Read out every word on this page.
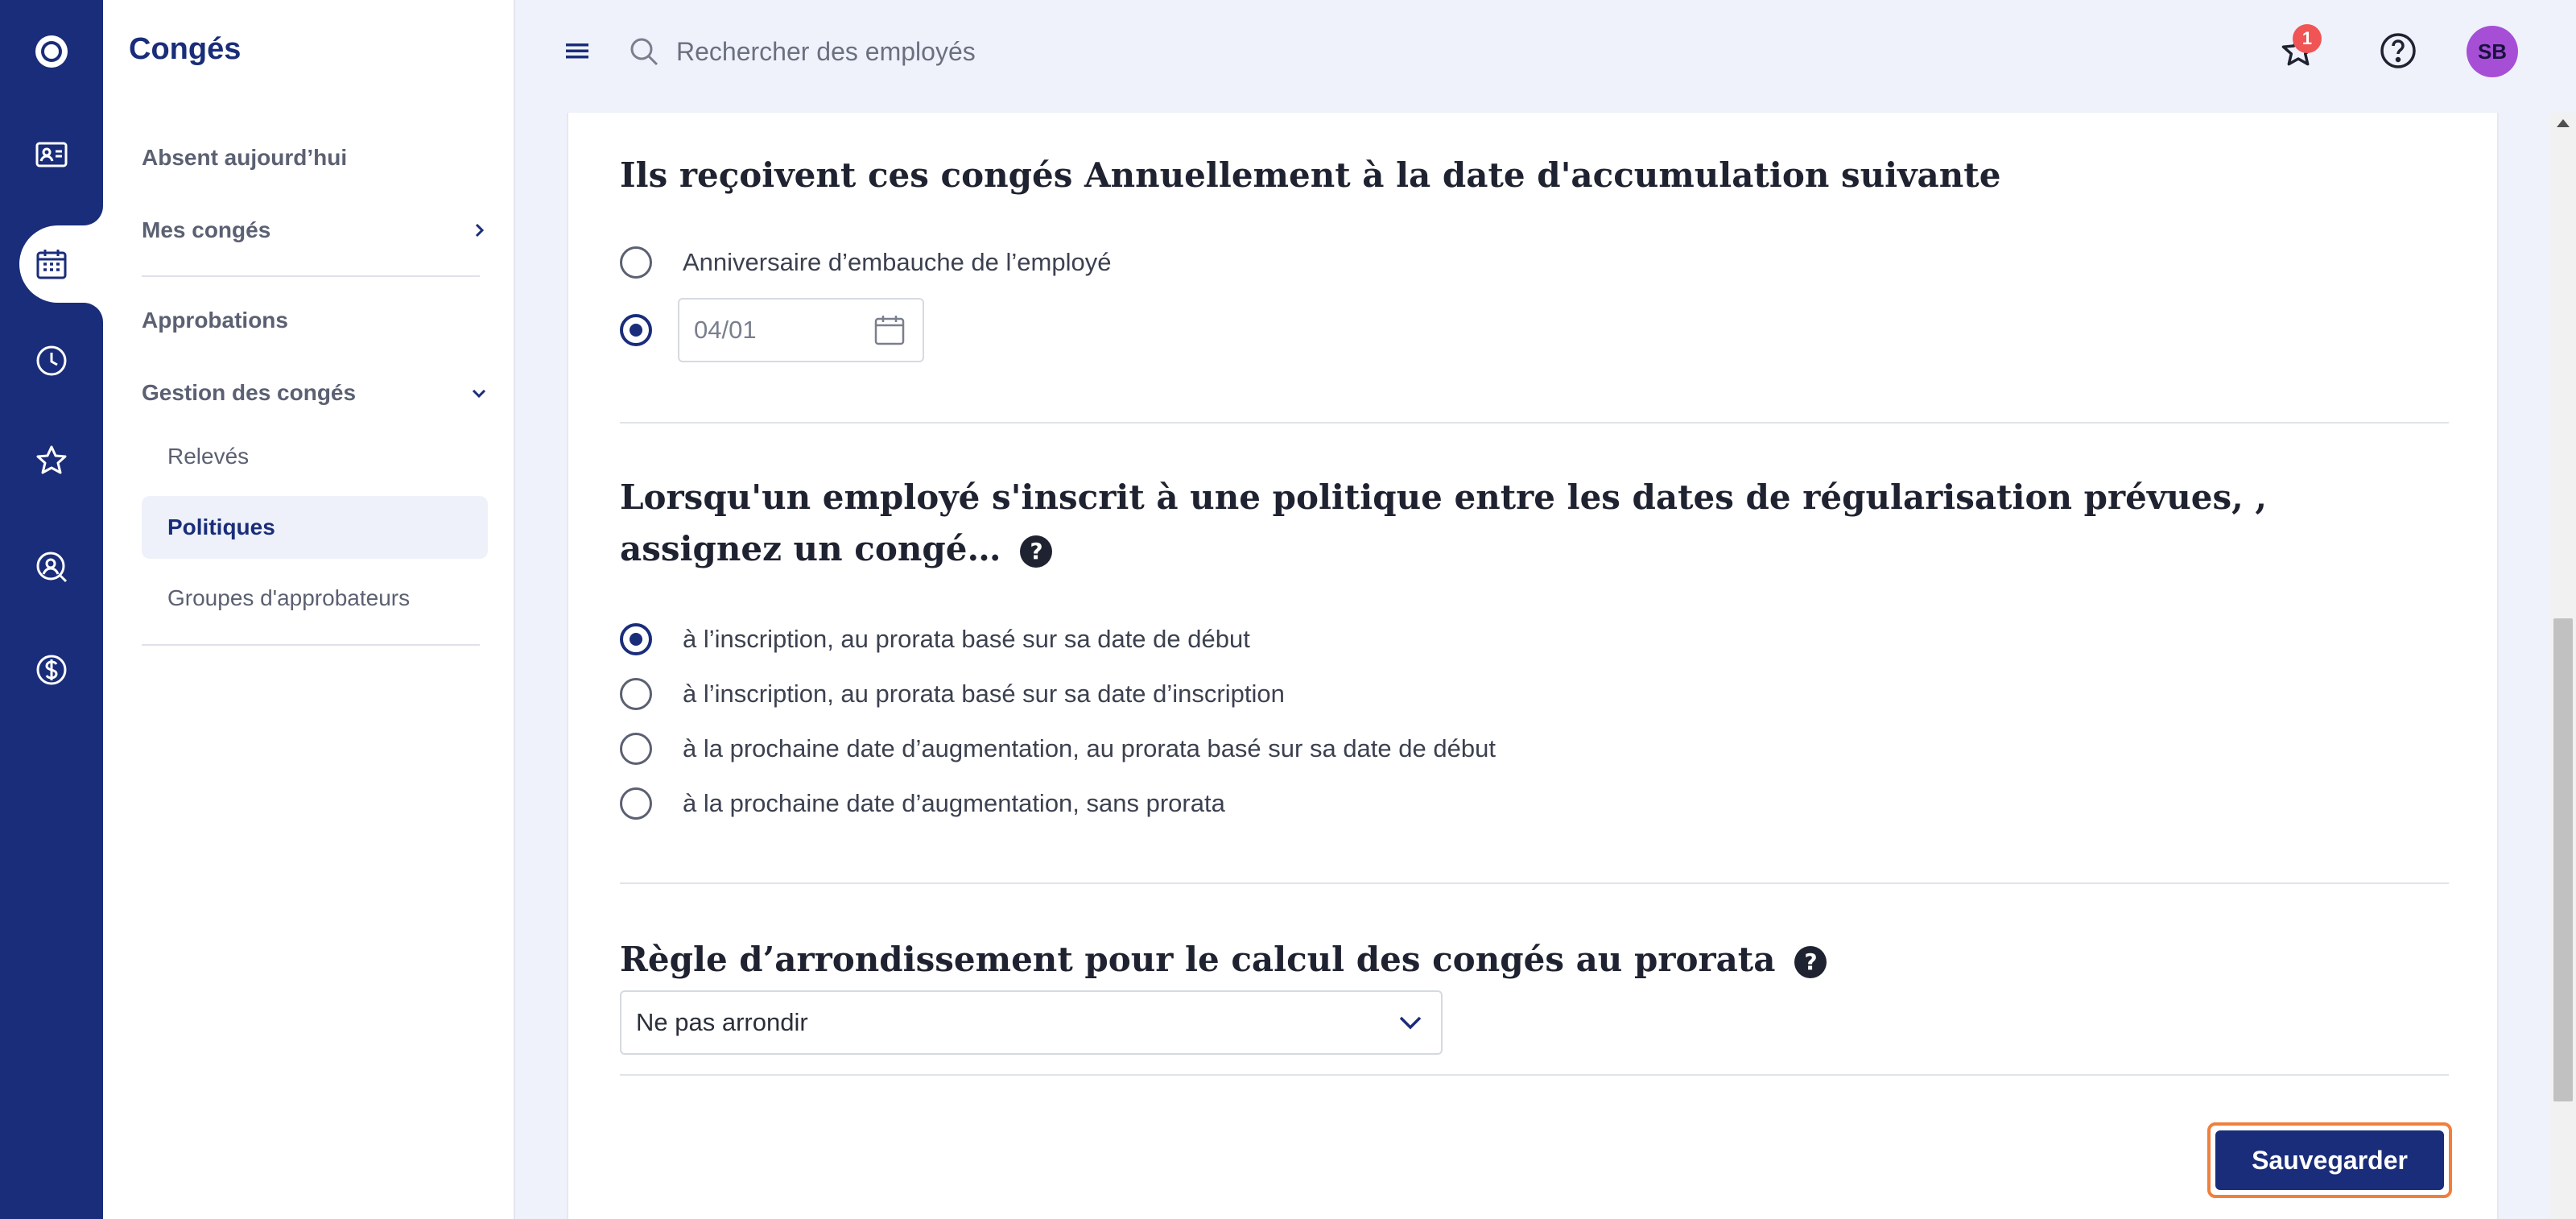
Congés
Absent aujourd’hui
Mes congés
Approbations
Gestion des congés
Relevés
Politiques
Groupes d'approbateurs
Rechercher des employés
1
SB
Ils reçoivent ces congés Annuellement à la date d'accumulation suivante
Anniversaire d’embauche de l’employé
04/01
Lorsqu'un employé s'inscrit à une politique entre les dates de régularisation prévues, , assignez un congé… ?
à l’inscription, au prorata basé sur sa date de début
à l’inscription, au prorata basé sur sa date d’inscription
à la prochaine date d’augmentation, au prorata basé sur sa date de début
à la prochaine date d’augmentation, sans prorata
Règle d’arrondissement pour le calcul des congés au prorata ?
Ne pas arrondir
Sauvegarder
